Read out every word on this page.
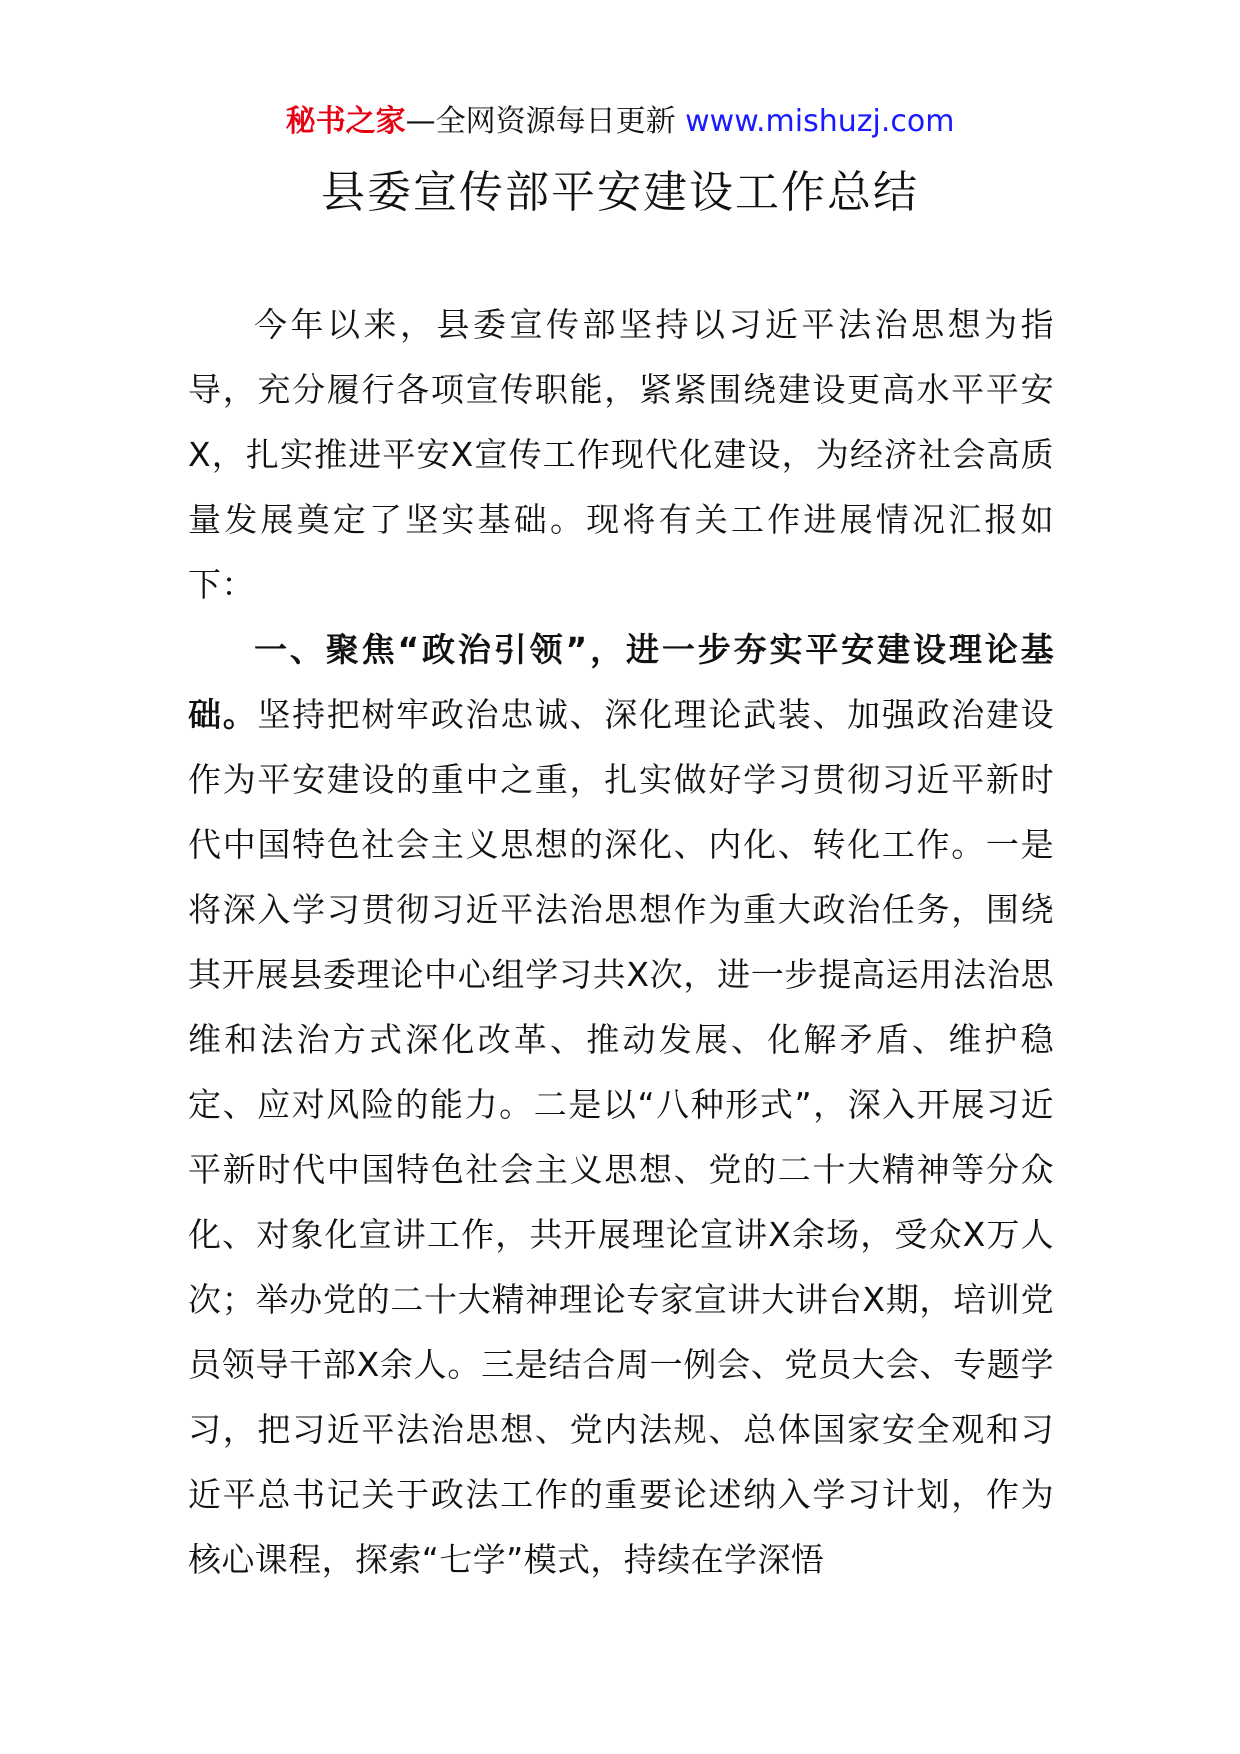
秘书之家—全网资源每日更新 www.mishuzj.com
县委宣传部平安建设工作总结

今年以来，县委宣传部坚持以习近平法治思想为指导，充分履行各项宣传职能，紧紧围绕建设更高水平平安X，扎实推进平安X宣传工作现代化建设，为经济社会高质量发展奠定了坚实基础。现将有关工作进展情况汇报如下：

一、聚焦“政治引领”，进一步夯实平安建设理论基础。坚持把树牢政治忠诚、深化理论武装、加强政治建设作为平安建设的重中之重，扎实做好学习贯彻习近平新时代中国特色社会主义思想的深化、内化、转化工作。一是将深入学习贯彻习近平法治思想作为重大政治任务，围绕其开展县委理论中心组学习共X次，进一步提高运用法治思维和法治方式深化改革、推动发展、化解矛盾、维护稳定、应对风险的能力。二是以“八种形式”，深入开展习近平新时代中国特色社会主义思想、党的二十大精神等分众化、对象化宣讲工作，共开展理论宣讲X余场，受众X万人次；举办党的二十大精神理论专家宣讲大讲台X期，培训党员领导干部X余人。三是结合周一例会、党员大会、专题学习，把习近平法治思想、党内法规、总体国家安全观和习近平总书记关于政法工作的重要论述纳入学习计划，作为核心课程，探索“七学”模式，持续在学深悟
